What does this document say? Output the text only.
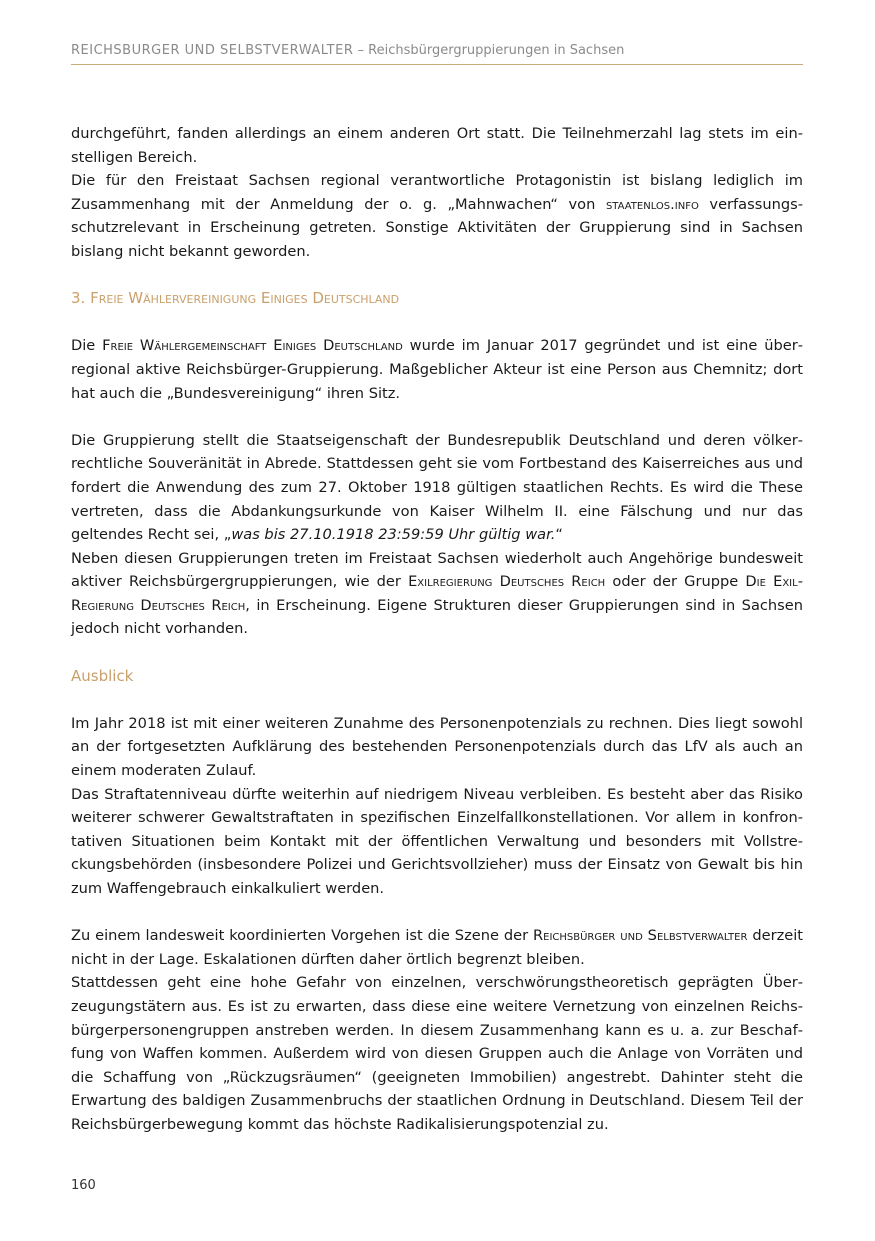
REICHSBÜRGER UND SELBSTVERWALTER – Reichsbürgergruppierungen in Sachsen

durchgeführt, fanden allerdings an einem anderen Ort statt. Die Teilnehmerzahl lag stets im einstelligen Bereich.

Die für den Freistaat Sachsen regional verantwortliche Protagonistin ist bislang lediglich im Zusammenhang mit der Anmeldung der o. g. „Mahnwachen“ von staatenlos.info verfassungsschutzrelevant in Erscheinung getreten. Sonstige Aktivitäten der Gruppierung sind in Sachsen bislang nicht bekannt geworden.

3. Freie Wählervereinigung Einiges Deutschland

Die Freie Wählergemeinschaft Einiges Deutschland wurde im Januar 2017 gegründet und ist eine überregional aktive Reichsbürger-Gruppierung. Maßgeblicher Akteur ist eine Person aus Chemnitz; dort hat auch die „Bundesvereinigung“ ihren Sitz.

Die Gruppierung stellt die Staatseigenschaft der Bundesrepublik Deutschland und deren völkerrechtliche Souveränität in Abrede. Stattdessen geht sie vom Fortbestand des Kaiserreiches aus und fordert die Anwendung des zum 27. Oktober 1918 gültigen staatlichen Rechts. Es wird die These vertreten, dass die Abdankungsurkunde von Kaiser Wilhelm II. eine Fälschung und nur das geltendes Recht sei, „was bis 27.10.1918 23:59:59 Uhr gültig war.“

Neben diesen Gruppierungen treten im Freistaat Sachsen wiederholt auch Angehörige bundesweit aktiver Reichsbürgergruppierungen, wie der Exilregierung Deutsches Reich oder der Gruppe Die ExilRegierung Deutsches Reich, in Erscheinung. Eigene Strukturen dieser Gruppierungen sind in Sachsen jedoch nicht vorhanden.

Ausblick

Im Jahr 2018 ist mit einer weiteren Zunahme des Personenpotenzials zu rechnen. Dies liegt sowohl an der fortgesetzten Aufklärung des bestehenden Personenpotenzials durch das LfV als auch an einem moderaten Zulauf.

Das Straftatenniveau dürfte weiterhin auf niedrigem Niveau verbleiben. Es besteht aber das Risiko weiterer schwerer Gewaltstraftaten in spezifischen Einzelfallkonstellationen. Vor allem in konfrontativen Situationen beim Kontakt mit der öffentlichen Verwaltung und besonders mit Vollstreckungsbehörden (insbesondere Polizei und Gerichtsvollzieher) muss der Einsatz von Gewalt bis hin zum Waffengebrauch einkalkuliert werden.

Zu einem landesweit koordinierten Vorgehen ist die Szene der Reichsbürger und Selbstverwalter derzeit nicht in der Lage. Eskalationen dürften daher örtlich begrenzt bleiben.

Stattdessen geht eine hohe Gefahr von einzelnen, verschwörungstheoretisch geprägten Überzeugungstätern aus. Es ist zu erwarten, dass diese eine weitere Vernetzung von einzelnen Reichsbürgerpersonengruppen anstreben werden. In diesem Zusammenhang kann es u. a. zur Beschaffung von Waffen kommen. Außerdem wird von diesen Gruppen auch die Anlage von Vorräten und die Schaffung von „Rückzugsräumen“ (geeigneten Immobilien) angestrebt. Dahinter steht die Erwartung des baldigen Zusammenbruchs der staatlichen Ordnung in Deutschland. Diesem Teil der Reichsbürgerbewegung kommt das höchste Radikalisierungspotenzial zu.

160
